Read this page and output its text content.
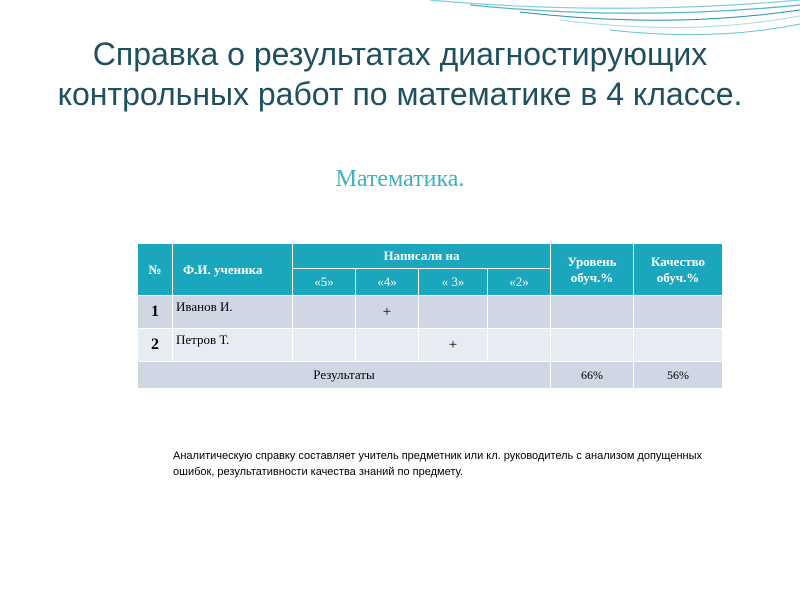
Справка о результатах диагностирующих контрольных работ по математике в 4 классе.
Математика.
№	Ф.И. ученика	Написали на				Уровень обуч.%	Качество обуч.%
		«5»	«4»	« 3»	«2»		
1	Иванов И.		+				
2	Петров Т.			+			
Результаты						66%	56%

Аналитическую справку составляет учитель предметник или кл. руководитель с анализом допущенных ошибок, результативности качества знаний по предмету.
